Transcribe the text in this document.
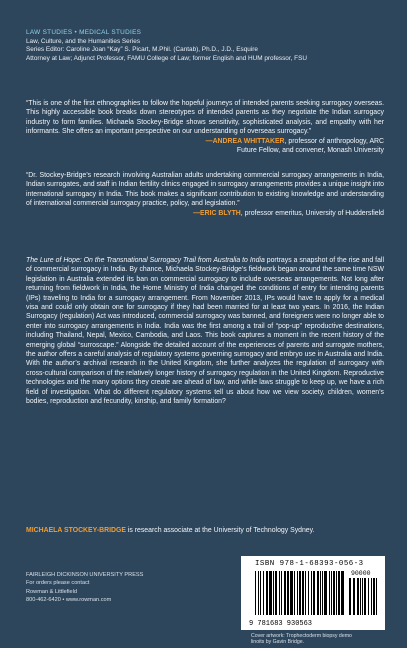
LAW STUDIES • MEDICAL STUDIES
Law, Culture, and the Humanities Series
Series Editor: Caroline Joan “Kay” S. Picart, M.Phil. (Cantab), Ph.D., J.D., Esquire
Attorney at Law; Adjunct Professor, FAMU College of Law; former English and HUM professor, FSU
“This is one of the first ethnographies to follow the hopeful journeys of intended parents seeking surrogacy overseas. This highly accessible book breaks down stereotypes of intended parents as they negotiate the Indian surrogacy industry to form families. Michaela Stockey-Bridge shows sensitivity, sophisticated analysis, and empathy with her informants. She offers an important perspective on our understanding of overseas surrogacy.”
—ANDREA WHITTAKER, professor of anthropology, ARC
Future Fellow, and convener, Monash University
“Dr. Stockey-Bridge’s research involving Australian adults undertaking commercial surrogacy arrangements in India, Indian surrogates, and staff in Indian fertility clinics engaged in surrogacy arrangements provides a unique insight into international surrogacy in India. This book makes a significant contribution to existing knowledge and understanding of international commercial surrogacy practice, policy, and legislation.”
—ERIC BLYTH, professor emeritus, University of Huddersfield
The Lure of Hope: On the Transnational Surrogacy Trail from Australia to India portrays a snapshot of the rise and fall of commercial surrogacy in India. By chance, Michaela Stockey-Bridge’s fieldwork began around the same time NSW legislation in Australia extended its ban on commercial surrogacy to include overseas arrangements. Not long after returning from fieldwork in India, the Home Ministry of India changed the conditions of entry for intending parents (IPs) traveling to India for a surrogacy arrangement. From November 2013, IPs would have to apply for a medical visa and could only obtain one for surrogacy if they had been married for at least two years. In 2016, the Indian Surrogacy (regulation) Act was introduced, commercial surrogacy was banned, and foreigners were no longer able to enter into surrogacy arrangements in India. India was the first among a trail of “pop-up” reproductive destinations, including Thailand, Nepal, Mexico, Cambodia, and Laos. This book captures a moment in the recent history of the emerging global “surroscape.” Alongside the detailed account of the experiences of parents and surrogate mothers, the author offers a careful analysis of regulatory systems governing surrogacy and embryo use in Australia and India. With the author’s archival research in the United Kingdom, she further analyzes the regulation of surrogacy with cross-cultural comparison of the relatively longer history of surrogacy regulation in the United Kingdom. Reproductive technologies and the many options they create are ahead of law, and while laws struggle to keep up, we have a rich field of investigation. What do different regulatory systems tell us about how we view society, children, women’s bodies, reproduction and fecundity, kinship, and family formation?
MICHAELA STOCKEY-BRIDGE is research associate at the University of Technology Sydney.
FAIRLEIGH DICKINSON UNIVERSITY PRESS
For orders please contact
Rowman & Littlefield
800-462-6420 • www.rowman.com
ISBN 978-1-68393-056-3
9 781683 930563
90000
Cover artwork: Trophectoderm biopsy demo
linoits by Gavin Bridge.
